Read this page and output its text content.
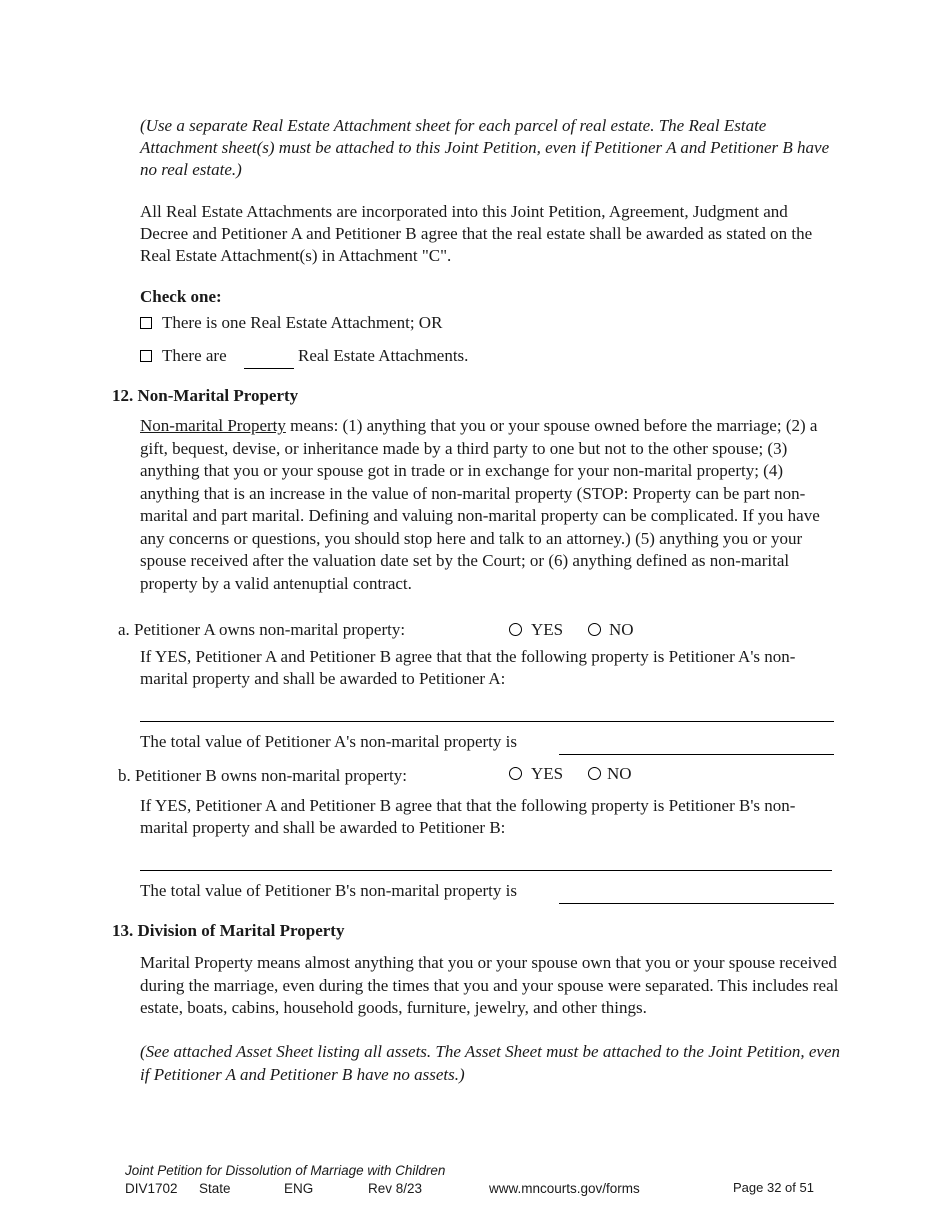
(Use a separate Real Estate Attachment sheet for each parcel of real estate. The Real Estate Attachment sheet(s) must be attached to this Joint Petition, even if Petitioner A and Petitioner B have no real estate.)
All Real Estate Attachments are incorporated into this Joint Petition, Agreement, Judgment and Decree and Petitioner A and Petitioner B agree that the real estate shall be awarded as stated on the Real Estate Attachment(s) in Attachment "C".
Check one:
There is one Real Estate Attachment; OR
There are	Real Estate Attachments.
12. Non-Marital Property
Non-marital Property means: (1) anything that you or your spouse owned before the marriage; (2) a gift, bequest, devise, or inheritance made by a third party to one but not to the other spouse; (3) anything that you or your spouse got in trade or in exchange for your non-marital property; (4) anything that is an increase in the value of non-marital property (STOP: Property can be part non-marital and part marital. Defining and valuing non-marital property can be complicated. If you have any concerns or questions, you should stop here and talk to an attorney.) (5) anything you or your spouse received after the valuation date set by the Court; or (6) anything defined as non-marital property by a valid antenuptial contract.
a. Petitioner A owns non-marital property:	YES	NO
If YES, Petitioner A and Petitioner B agree that that the following property is Petitioner A's non-marital property and shall be awarded to Petitioner A:
The total value of Petitioner A's non-marital property is
b. Petitioner B owns non-marital property:	YES	NO
If YES, Petitioner A and Petitioner B agree that that the following property is Petitioner B's non-marital property and shall be awarded to Petitioner B:
The total value of Petitioner B's non-marital property is
13. Division of Marital Property
Marital Property means almost anything that you or your spouse own that you or your spouse received during the marriage, even during the times that you and your spouse were separated. This includes real estate, boats, cabins, household goods, furniture, jewelry, and other things.
(See attached Asset Sheet listing all assets. The Asset Sheet must be attached to the Joint Petition, even if Petitioner A and Petitioner B have no assets.)
Joint Petition for Dissolution of Marriage with Children
DIV1702 State	ENG	Rev 8/23	www.mncourts.gov/forms	Page 32 of 51
